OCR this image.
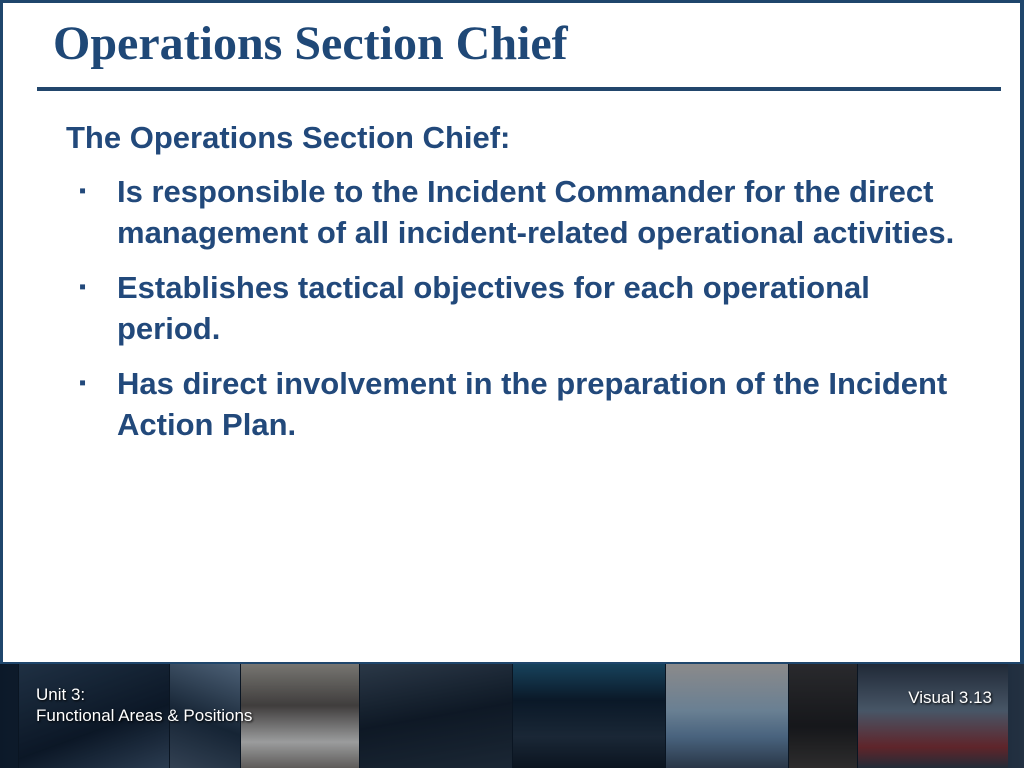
Operations Section Chief

The Operations Section Chief:

▪ Is responsible to the Incident Commander for the direct management of all incident-related operational activities.
▪ Establishes tactical objectives for each operational period.
▪ Has direct involvement in the preparation of the Incident Action Plan.

Unit 3:
Functional Areas & Positions

Visual 3.13
